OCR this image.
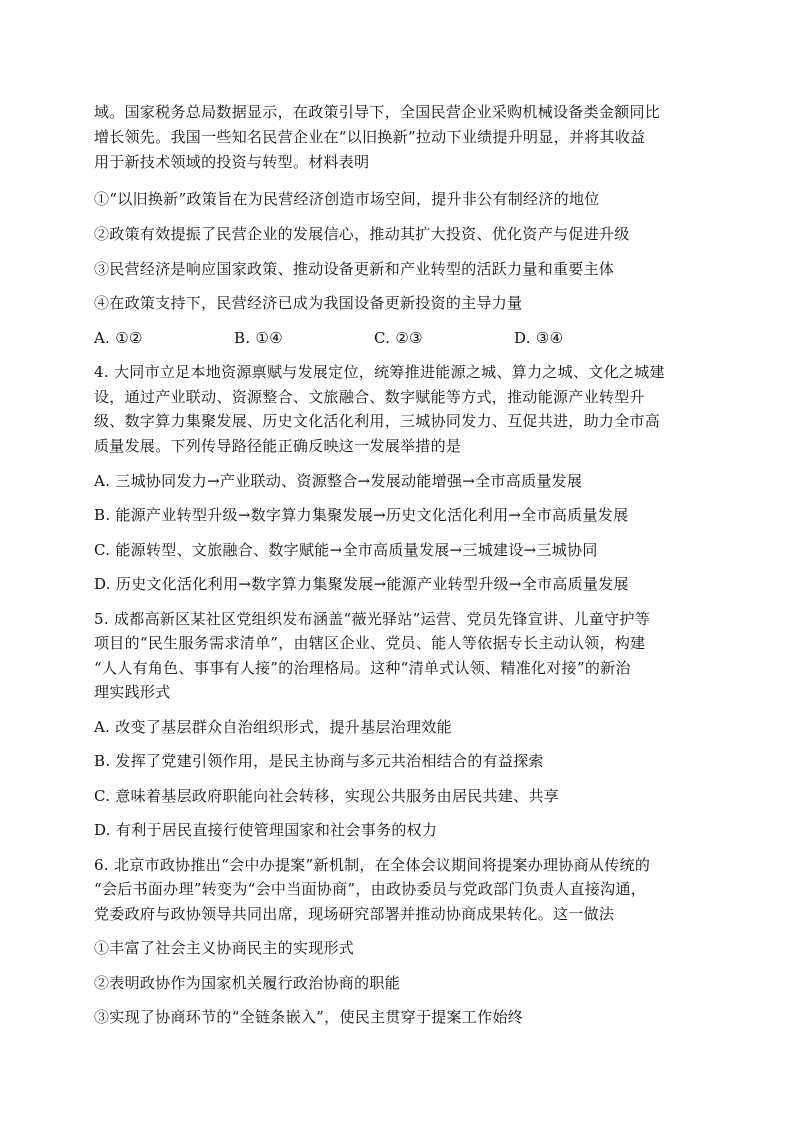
域。国家税务总局数据显示，在政策引导下，全国民营企业采购机械设备类金额同比
增长领先。我国一些知名民营企业在“以旧换新”拉动下业绩提升明显，并将其收益
用于新技术领域的投资与转型。材料表明
①“以旧换新”政策旨在为民营经济创造市场空间，提升非公有制经济的地位
②政策有效提振了民营企业的发展信心，推动其扩大投资、优化资产与促进升级
③民营经济是响应国家政策、推动设备更新和产业转型的活跃力量和重要主体
④在政策支持下，民营经济已成为我国设备更新投资的主导力量
A. ①②	B. ①④	C. ②③	D. ③④
4. 大同市立足本地资源禀赋与发展定位，统筹推进能源之城、算力之城、文化之城建
设，通过产业联动、资源整合、文旅融合、数字赋能等方式，推动能源产业转型升
级、数字算力集聚发展、历史文化活化利用，三城协同发力、互促共进，助力全市高
质量发展。下列传导路径能正确反映这一发展举措的是
A. 三城协同发力→产业联动、资源整合→发展动能增强→全市高质量发展
B. 能源产业转型升级→数字算力集聚发展→历史文化活化利用→全市高质量发展
C. 能源转型、文旅融合、数字赋能→全市高质量发展→三城建设→三城协同
D. 历史文化活化利用→数字算力集聚发展→能源产业转型升级→全市高质量发展
5. 成都高新区某社区党组织发布涵盖“薇光驿站”运营、党员先锋宣讲、儿童守护等
项目的“民生服务需求清单”，由辖区企业、党员、能人等依据专长主动认领，构建
“人人有角色、事事有人接”的治理格局。这种“清单式认领、精准化对接”的新治
理实践形式
A. 改变了基层群众自治组织形式，提升基层治理效能
B. 发挥了党建引领作用，是民主协商与多元共治相结合的有益探索
C. 意味着基层政府职能向社会转移，实现公共服务由居民共建、共享
D. 有利于居民直接行使管理国家和社会事务的权力
6. 北京市政协推出“会中办提案”新机制，在全体会议期间将提案办理协商从传统的
“会后书面办理”转变为“会中当面协商”，由政协委员与党政部门负责人直接沟通，
党委政府与政协领导共同出席，现场研究部署并推动协商成果转化。这一做法
①丰富了社会主义协商民主的实现形式
②表明政协作为国家机关履行政治协商的职能
③实现了协商环节的“全链条嵌入”，使民主贯穿于提案工作始终
